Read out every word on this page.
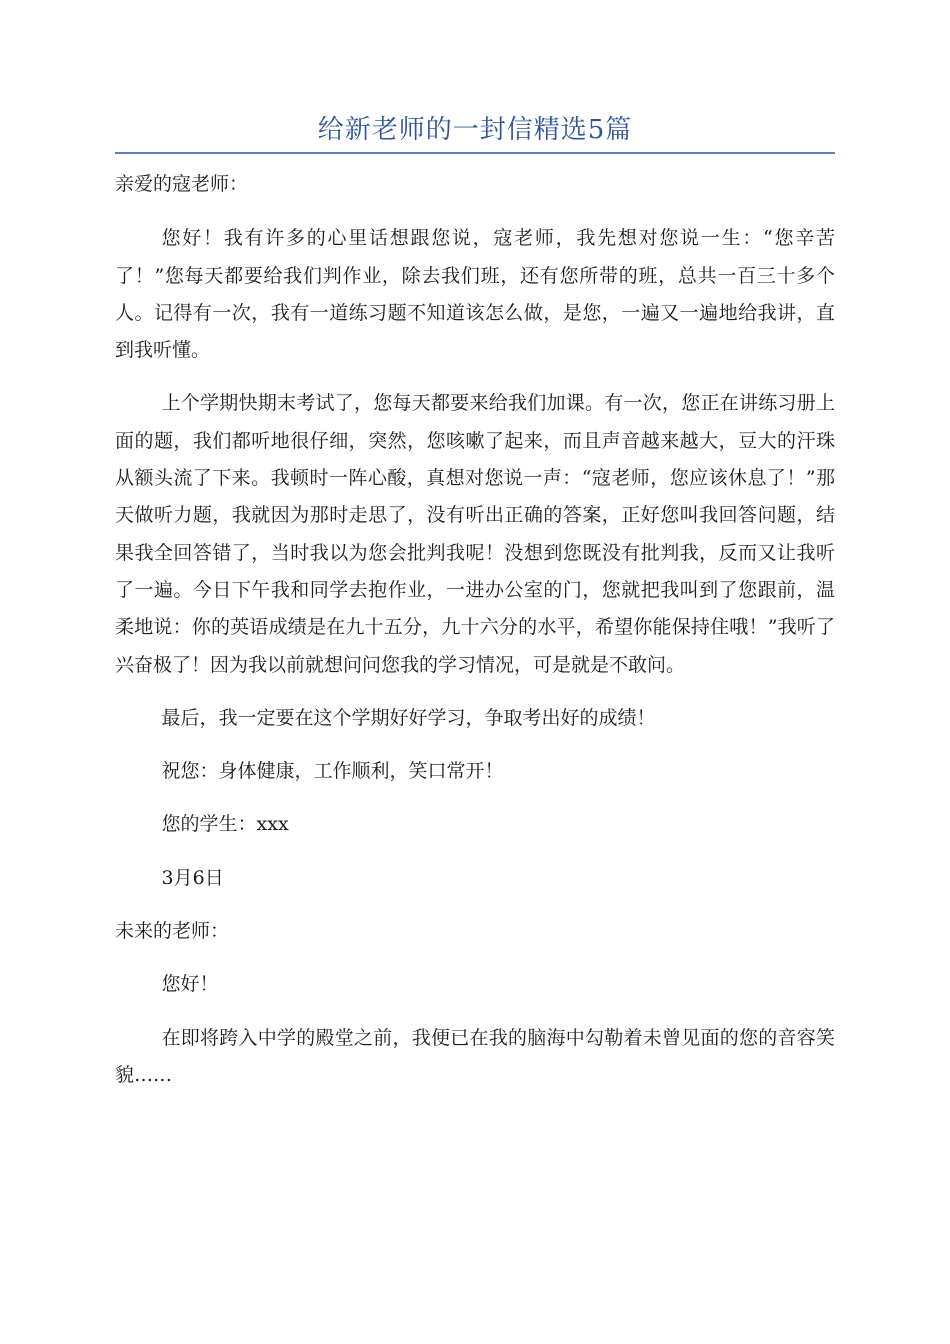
给新老师的一封信精选5篇

亲爱的寇老师：

您好！我有许多的心里话想跟您说，寇老师，我先想对您说一生：“您辛苦了！”您每天都要给我们判作业，除去我们班，还有您所带的班，总共一百三十多个人。记得有一次，我有一道练习题不知道该怎么做，是您，一遍又一遍地给我讲，直到我听懂。

上个学期快期末考试了，您每天都要来给我们加课。有一次，您正在讲练习册上面的题，我们都听地很仔细，突然，您咳嗽了起来，而且声音越来越大，豆大的汗珠从额头流了下来。我顿时一阵心酸，真想对您说一声：“寇老师，您应该休息了！”那天做听力题，我就因为那时走思了，没有听出正确的答案，正好您叫我回答问题，结果我全回答错了，当时我以为您会批判我呢！没想到您既没有批判我，反而又让我听了一遍。今日下午我和同学去抱作业，一进办公室的门，您就把我叫到了您跟前，温柔地说：你的英语成绩是在九十五分，九十六分的水平，希望你能保持住哦！”我听了兴奋极了！因为我以前就想问问您我的学习情况，可是就是不敢问。

最后，我一定要在这个学期好好学习，争取考出好的成绩！

祝您：身体健康，工作顺利，笑口常开！

您的学生：xxx

3月6日

未来的老师：

您好！

在即将跨入中学的殿堂之前，我便已在我的脑海中勾勒着未曾见面的您的音容笑貌……
